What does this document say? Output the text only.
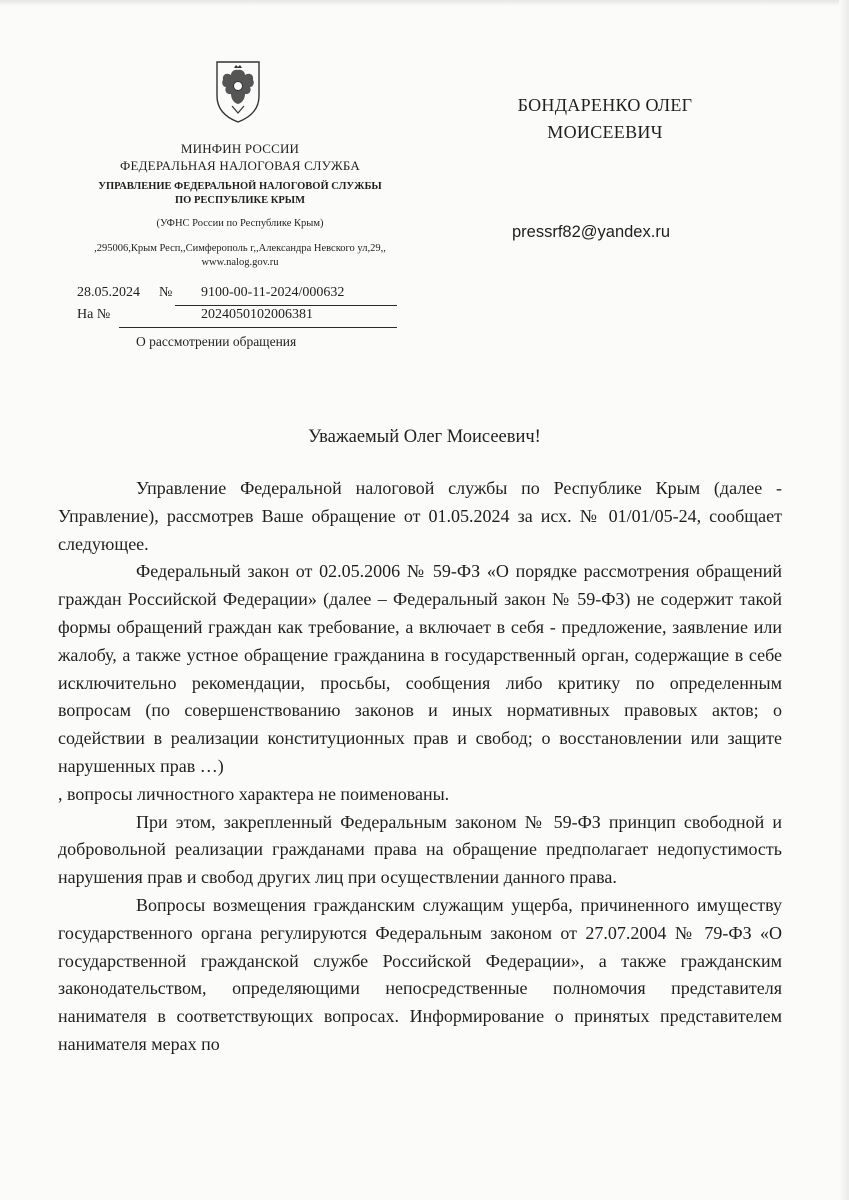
МИНФИН РОССИИ
ФЕДЕРАЛЬНАЯ НАЛОГОВАЯ СЛУЖБА
УПРАВЛЕНИЕ ФЕДЕРАЛЬНОЙ НАЛОГОВОЙ СЛУЖБЫ
ПО РЕСПУБЛИКЕ КРЫМ
(УФНС России по Республике Крым)
,295006,Крым Респ,,Симферополь г,,Александра Невского ул,29,,
www.nalog.gov.ru
28.05.2024 № 9100-00-11-2024/000632
На №	2024050102006381
О рассмотрении обращения
БОНДАРЕНКО ОЛЕГ
МОИСЕЕВИЧ
pressrf82@yandex.ru
Уважаемый Олег Моисеевич!

Управление Федеральной налоговой службы по Республике Крым (далее - Управление), рассмотрев Ваше обращение от 01.05.2024 за исх. № 01/01/05-24, сообщает следующее.

Федеральный закон от 02.05.2006 № 59-ФЗ «О порядке рассмотрения обращений граждан Российской Федерации» (далее – Федеральный закон № 59-ФЗ) не содержит такой формы обращений граждан как требование, а включает в себя - предложение, заявление или жалобу, а также устное обращение гражданина в государственный орган, содержащие в себе исключительно рекомендации, просьбы, сообщения либо критику по определенным вопросам (по совершенствованию законов и иных нормативных правовых актов; о содействии в реализации конституционных прав и свобод; о восстановлении или защите нарушенных прав …)

, вопросы личностного характера не поименованы.

При этом, закрепленный Федеральным законом № 59-ФЗ принцип свободной и добровольной реализации гражданами права на обращение предполагает недопустимость нарушения прав и свобод других лиц при осуществлении данного права.

Вопросы возмещения гражданским служащим ущерба, причиненного имуществу государственного органа регулируются Федеральным законом от 27.07.2004 № 79-ФЗ «О государственной гражданской службе Российской Федерации», а также гражданским законодательством, определяющими непосредственные полномочия представителя нанимателя в соответствующих вопросах. Информирование о принятых представителем нанимателя мерах по
